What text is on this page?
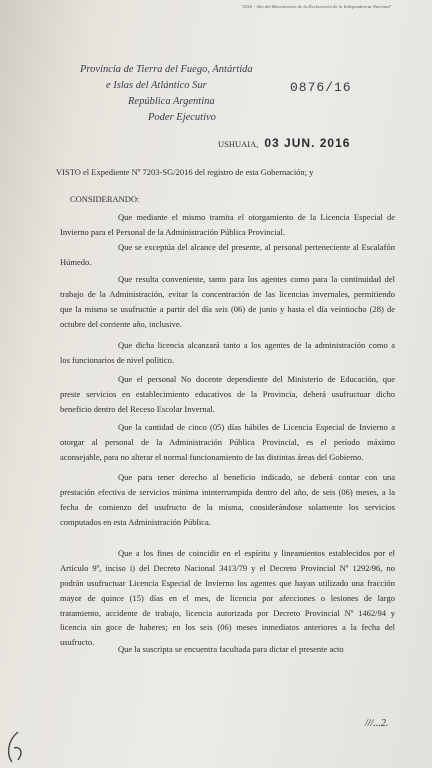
"2016 - Año del Bicentenario de la Declaración de la Independencia Nacional"
Provincia de Tierra del Fuego, Antártida
e Islas del Atlántico Sur
República Argentina
Poder Ejecutivo
0876/16
USHUAIA, 03 JUN. 2016
VISTO el Expediente Nº 7203-SG/2016 del registro de esta Gobernación; y
CONSIDERANDO:
Que mediante el mismo tramita el otorgamiento de la Licencia Especial de
Invierno para el Personal de la Administración Pública Provincial.
Que se exceptúa del alcance del presente, al personal perteneciente al Escalafón
Húmedo.
Que resulta conveniente, tanto para los agentes como para la continuidad del
trabajo de la Administración, evitar la concentración de las licencias invernales, permitiendo
que la misma se usufructúe a partir del día seis (06) de junio y hasta el día veintiocho (28) de
octubre del corriente año, inclusive.
Que dicha licencia alcanzará tanto a los agentes de la administración como a
los funcionarios de nivel político.
Que el personal No docente dependiente del Ministerio de Educación, que
preste servicios en establecimiento educativos de la Provincia, deberá usufructuar dicho
beneficio dentro del Receso Escolar Invernal.
Que la cantidad de cinco (05) días hábiles de Licencia Especial de Invierno a
otorgar al personal de la Administración Pública Provincial, es el período máximo
aconsejable, para no alterar el normal funcionamiento de las distintas áreas del Gobierno.
Que para tener derecho al beneficio indicado, se deberá contar con una
prestación efectiva de servicios mínima ininterrumpida dentro del año, de seis (06) meses, a la
fecha de comienzo del usufructo de la misma, considerándose solamente los servicios
computados en esta Administración Pública.
Que a los fines de coincidir en el espíritu y lineamientos establecidos por el
Artículo 9º, inciso i) del Decreto Nacional 3413/79 y el Decreto Provincial Nº 1292/96, no
podrán usufructuar Licencia Especial de Invierno los agentes que hayan utilizado una fracción
mayor de quince (15) días en el mes, de licencia por afecciones o lesiones de largo
tratamiento, accidente de trabajo, licencia autorizada por Decreto Provincial Nº 1462/94 y
licencia sin goce de haberes; en los seis (06) meses inmediatos anteriores a la fecha del
usufructo.
Que la suscripta se encuentra facultada para dictar el presente acto
///...2.
